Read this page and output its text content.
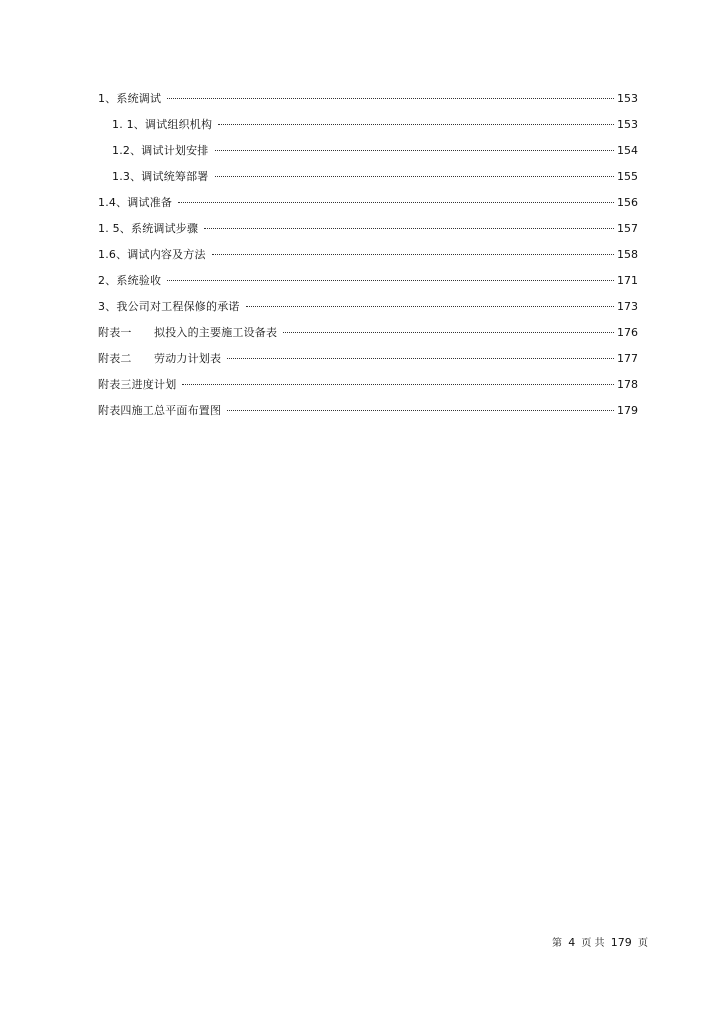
1、系统调试	153
1. 1、调试组织机构	153
1.2、调试计划安排	154
1.3、调试统筹部署	155
1.4、调试准备	156
1. 5、系统调试步骤	157
1.6、调试内容及方法	158
2、系统验收	171
3、我公司对工程保修的承诺	173
附表一　　拟投入的主要施工设备表	176
附表二　　劳动力计划表	177
附表三进度计划	178
附表四施工总平面布置图	179
第 4 页 共 179 页
